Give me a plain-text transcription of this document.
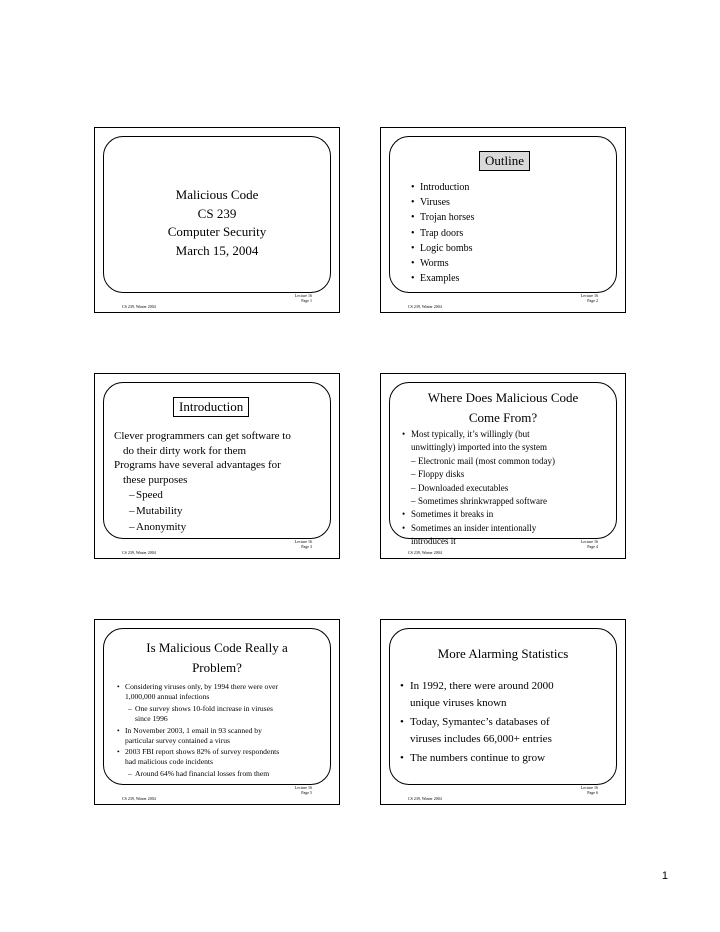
Malicious Code
CS 239
Computer Security
March 15, 2004
Lecture 16
Page 1
CS 239, Winter 2004
Outline
• Introduction
• Viruses
• Trojan horses
• Trap doors
• Logic bombs
• Worms
• Examples
Lecture 16
Page 2
CS 239, Winter 2004
Introduction
Clever programmers can get software to
do their dirty work for them
Programs have several advantages for
these purposes
– Speed
– Mutability
– Anonymity
Lecture 16
Page 3
CS 239, Winter 2004
Where Does Malicious Code
Come From?
• Most typically, it’s willingly (but
unwittingly) imported into the system
– Electronic mail (most common today)
– Floppy disks
– Downloaded executables
– Sometimes shrinkwrapped software
• Sometimes it breaks in
• Sometimes an insider intentionally
introduces it	Lecture 16
Page 4
CS 239, Winter 2004
Is Malicious Code Really a
Problem?
• Considering viruses only, by 1994 there were over
1,000,000 annual infections
– One survey shows 10-fold increase in viruses
since 1996
• In November 2003, 1 email in 93 scanned by
particular survey contained a virus
• 2003 FBI report shows 82% of survey respondents
had malicious code incidents
– Around 64% had financial losses from them
Lecture 16
Page 5
CS 239, Winter 2004
More Alarming Statistics
• In 1992, there were around 2000
unique viruses known
• Today, Symantec’s databases of
viruses includes 66,000+ entries
• The numbers continue to grow
Lecture 16
Page 6
CS 239, Winter 2004
1
